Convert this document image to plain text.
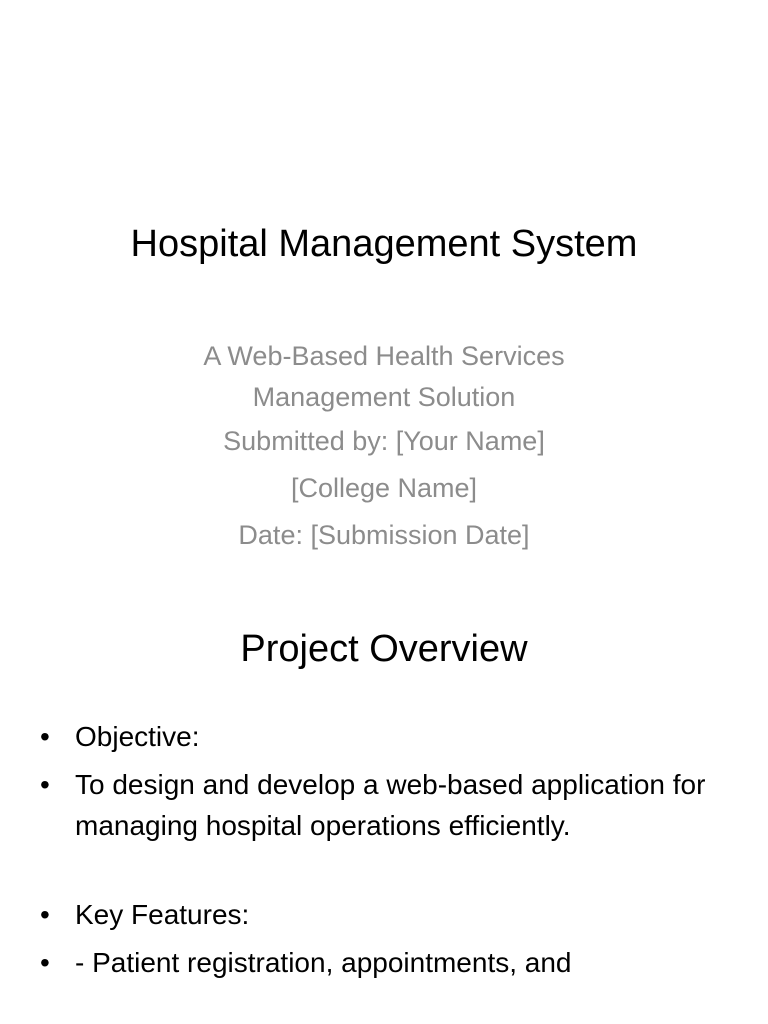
Hospital Management System
A Web-Based Health Services
Management Solution
Submitted by: [Your Name]
[College Name]
Date: [Submission Date]
Project Overview
• Objective:
• To design and develop a web-based application for managing hospital operations efficiently.
• Key Features:
• - Patient registration, appointments, and
